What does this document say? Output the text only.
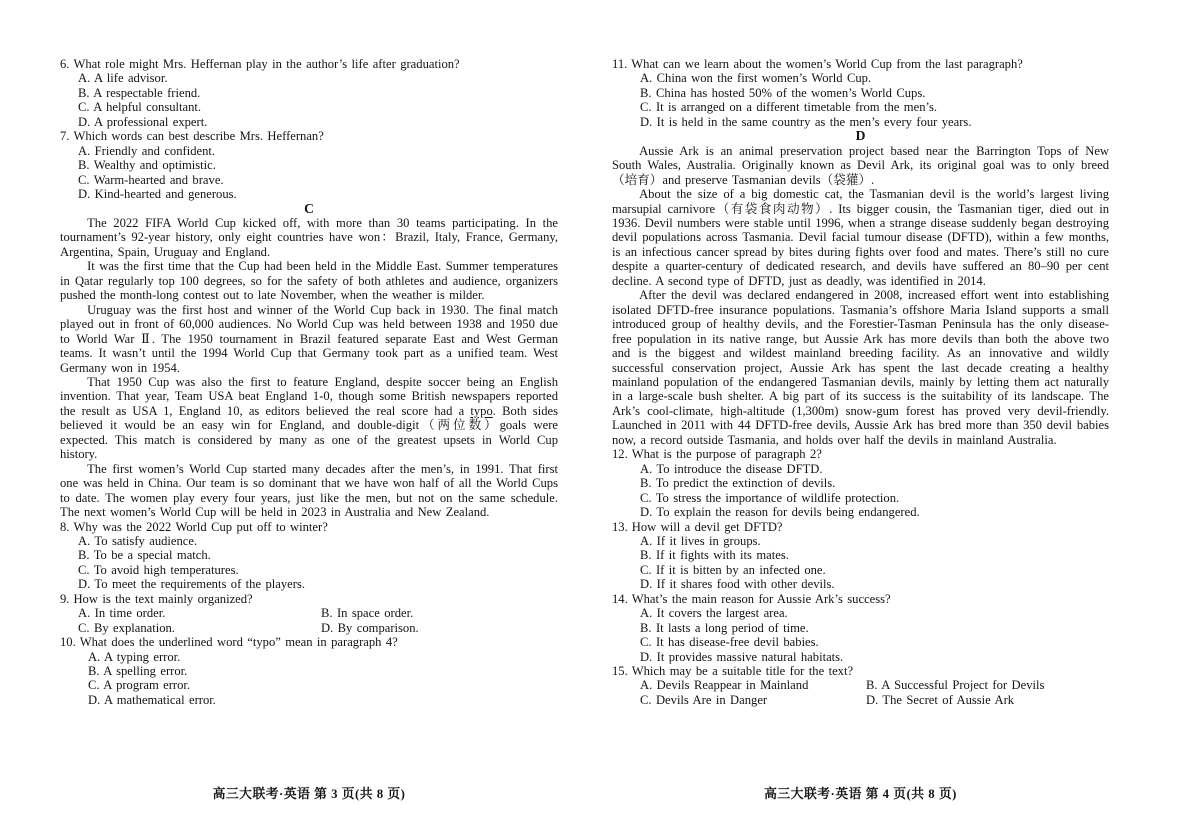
6. What role might Mrs. Heffernan play in the author’s life after graduation?
A. A life advisor.
B. A respectable friend.
C. A helpful consultant.
D. A professional expert.
7. Which words can best describe Mrs. Heffernan?
A. Friendly and confident.
B. Wealthy and optimistic.
C. Warm-hearted and brave.
D. Kind-hearted and generous.
C

The 2022 FIFA World Cup kicked off, with more than 30 teams participating. In the tournament’s 92-year history, only eight countries have won：Brazil, Italy, France, Germany, Argentina, Spain, Uruguay and England.

It was the first time that the Cup had been held in the Middle East. Summer temperatures in Qatar regularly top 100 degrees, so for the safety of both athletes and audience, organizers pushed the month-long contest out to late November, when the weather is milder.

Uruguay was the first host and winner of the World Cup back in 1930. The final match played out in front of 60,000 audiences. No World Cup was held between 1938 and 1950 due to World War Ⅱ. The 1950 tournament in Brazil featured separate East and West German teams. It wasn’t until the 1994 World Cup that Germany took part as a unified team. West Germany won in 1954.

That 1950 Cup was also the first to feature England, despite soccer being an English invention. That year, Team USA beat England 1-0, though some British newspapers reported the result as USA 1, England 10, as editors believed the real score had a typo. Both sides believed it would be an easy win for England, and double-digit（两位数）goals were expected. This match is considered by many as one of the greatest upsets in World Cup history.

The first women’s World Cup started many decades after the men’s, in 1991. That first one was held in China. Our team is so dominant that we have won half of all the World Cups to date. The women play every four years, just like the men, but not on the same schedule. The next women’s World Cup will be held in 2023 in Australia and New Zealand.

8. Why was the 2022 World Cup put off to winter?
A. To satisfy audience.
B. To be a special match.
C. To avoid high temperatures.
D. To meet the requirements of the players.
9. How is the text mainly organized?
A. In time order.	B. In space order.
C. By explanation.	D. By comparison.
10. What does the underlined word “typo” mean in paragraph 4?
A. A typing error.
B. A spelling error.
C. A program error.
D. A mathematical error.
11. What can we learn about the women’s World Cup from the last paragraph?
A. China won the first women’s World Cup.
B. China has hosted 50% of the women’s World Cups.
C. It is arranged on a different timetable from the men’s.
D. It is held in the same country as the men’s every four years.
D

Aussie Ark is an animal preservation project based near the Barrington Tops of New South Wales, Australia. Originally known as Devil Ark, its original goal was to only breed（培育）and preserve Tasmanian devils（袋獾）.

About the size of a big domestic cat, the Tasmanian devil is the world’s largest living marsupial carnivore（有袋食肉动物）. Its bigger cousin, the Tasmanian tiger, died out in 1936. Devil numbers were stable until 1996, when a strange disease suddenly began destroying devil populations across Tasmania. Devil facial tumour disease (DFTD), within a few months, is an infectious cancer spread by bites during fights over food and mates. There’s still no cure despite a quarter-century of dedicated research, and devils have suffered an 80–90 per cent decline. A second type of DFTD, just as deadly, was identified in 2014.

After the devil was declared endangered in 2008, increased effort went into establishing isolated DFTD-free insurance populations. Tasmania’s offshore Maria Island supports a small introduced group of healthy devils, and the Forestier-Tasman Peninsula has the only disease-free population in its native range, but Aussie Ark has more devils than both the above two and is the biggest and wildest mainland breeding facility. As an innovative and wildly successful conservation project, Aussie Ark has spent the last decade creating a healthy mainland population of the endangered Tasmanian devils, mainly by letting them act naturally in a large-scale bush shelter. A big part of its success is the suitability of its landscape. The Ark’s cool-climate, high-altitude (1,300m) snow-gum forest has proved very devil-friendly. Launched in 2011 with 44 DFTD-free devils, Aussie Ark has bred more than 350 devil babies now, a record outside Tasmania, and holds over half the devils in mainland Australia.

12. What is the purpose of paragraph 2?
A. To introduce the disease DFTD.
B. To predict the extinction of devils.
C. To stress the importance of wildlife protection.
D. To explain the reason for devils being endangered.
13. How will a devil get DFTD?
A. If it lives in groups.
B. If it fights with its mates.
C. If it is bitten by an infected one.
D. If it shares food with other devils.
14. What’s the main reason for Aussie Ark’s success?
A. It covers the largest area.
B. It lasts a long period of time.
C. It has disease-free devil babies.
D. It provides massive natural habitats.
15. Which may be a suitable title for the text?
A. Devils Reappear in Mainland	B. A Successful Project for Devils
C. Devils Are in Danger	D. The Secret of Aussie Ark
高三大联考·英语 第 3 页(共 8 页)	高三大联考·英语 第 4 页(共 8 页)
